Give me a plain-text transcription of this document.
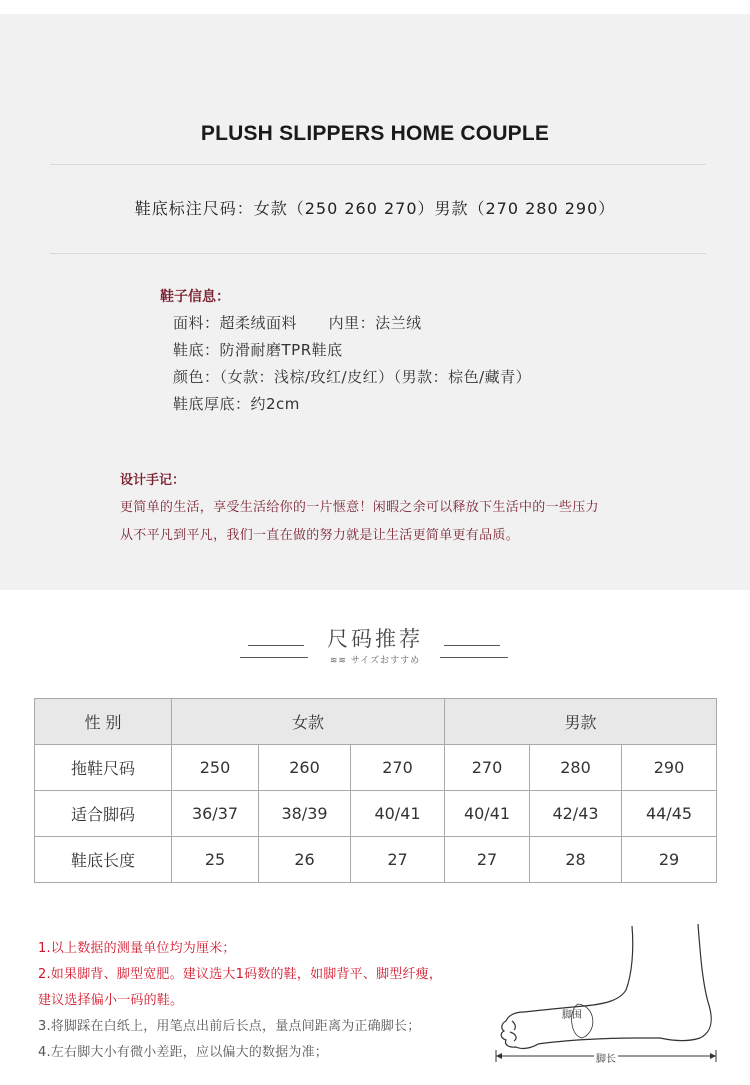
PLUSH SLIPPERS HOME COUPLE
鞋底标注尺码：女款（250 260 270）男款（270 280 290）
鞋子信息：
面料：超柔绒面料      内里：法兰绒
鞋底：防滑耐磨TPR鞋底
颜色：（女款：浅棕/玫红/皮红）（男款：棕色/藏青）
鞋底厚底：约2cm
设计手记：
更简单的生活，享受生活给你的一片惬意！闲暇之余可以释放下生活中的一些压力
从不平凡到平凡，我们一直在做的努力就是让生活更简单更有品质。
尺码推荐
≋≋ サイズおすすめ
性 别	女款			男款		
拖鞋尺码	250	260	270	270	280	290
适合脚码	36/37	38/39	40/41	40/41	42/43	44/45
鞋底长度	25	26	27	27	28	29
1.以上数据的测量单位均为厘米；
2.如果脚背、脚型宽肥。建议选大1码数的鞋，如脚背平、脚型纤瘦，
建议选择偏小一码的鞋。
3.将脚踩在白纸上，用笔点出前后长点，量点间距离为正确脚长；
4.左右脚大小有微小差距，应以偏大的数据为准；
脚围
脚长
